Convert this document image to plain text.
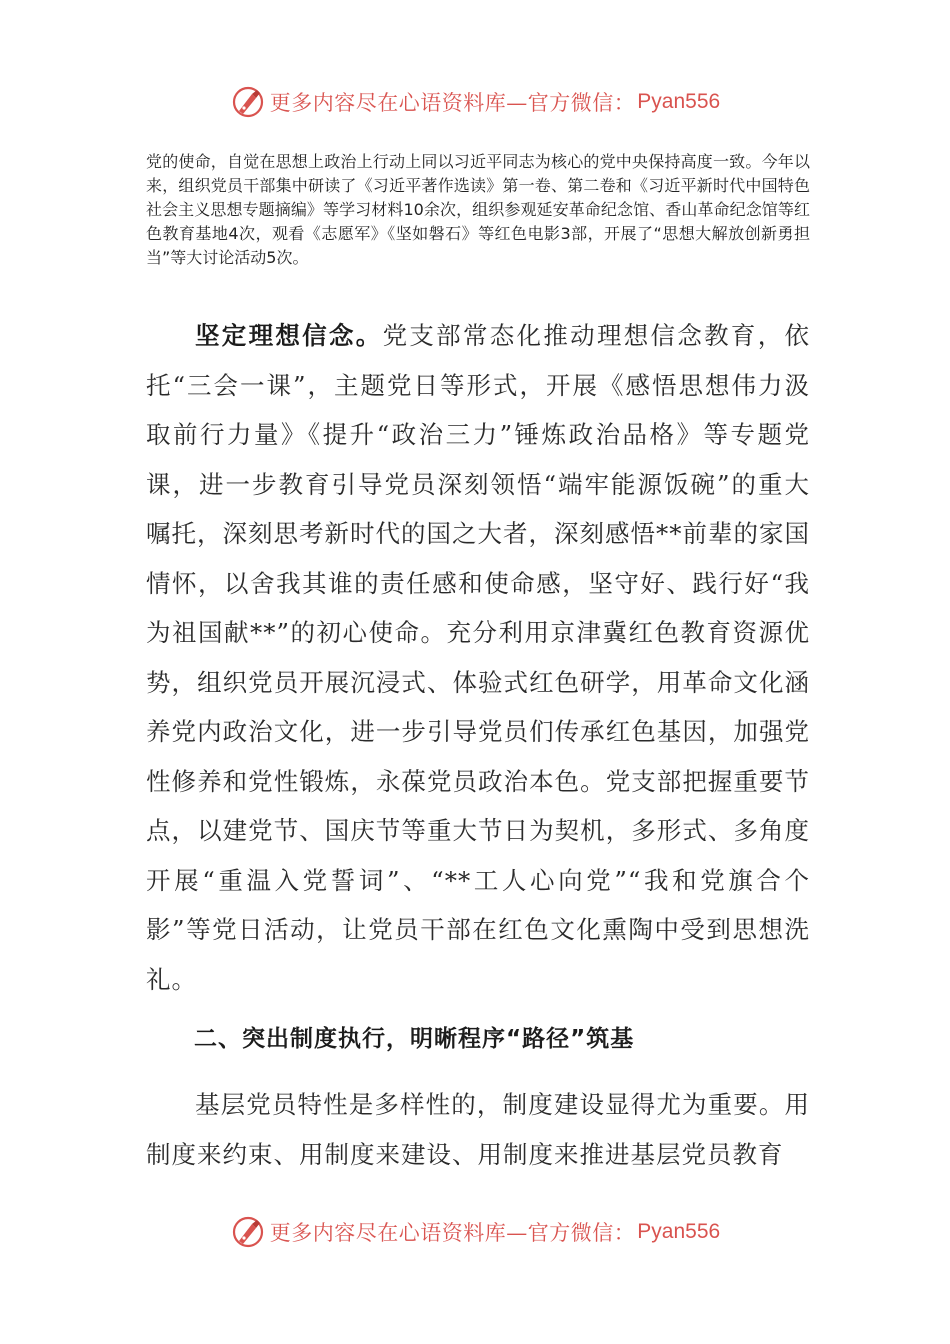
更多内容尽在心语资料库—官方微信： Pyan556

党的使命，自觉在思想上政治上行动上同以习近平同志为核心的党中央保持高度一致。今年以来，组织党员干部集中研读了《习近平著作选读》第一卷、第二卷和《习近平新时代中国特色社会主义思想专题摘编》等学习材料10余次，组织参观延安革命纪念馆、香山革命纪念馆等红色教育基地4次，观看《志愿军》《坚如磐石》等红色电影3部，开展了“思想大解放创新勇担当”等大讨论活动5次。

坚定理想信念。党支部常态化推动理想信念教育，依托“三会一课”，主题党日等形式，开展《感悟思想伟力汲取前行力量》《提升“政治三力”锤炼政治品格》等专题党课，进一步教育引导党员深刻领悟“端牢能源饭碗”的重大嘱托，深刻思考新时代的国之大者，深刻感悟**前辈的家国情怀，以舍我其谁的责任感和使命感，坚守好、践行好“我为祖国献**”的初心使命。充分利用京津冀红色教育资源优势，组织党员开展沉浸式、体验式红色研学，用革命文化涵养党内政治文化，进一步引导党员们传承红色基因，加强党性修养和党性锻炼，永葆党员政治本色。党支部把握重要节点，以建党节、国庆节等重大节日为契机，多形式、多角度开展“重温入党誓词”、“**工人心向党”“我和党旗合个影”等党日活动，让党员干部在红色文化熏陶中受到思想洗礼。

二、突出制度执行，明晰程序“路径”筑基

基层党员特性是多样性的，制度建设显得尤为重要。用制度来约束、用制度来建设、用制度来推进基层党员教育

更多内容尽在心语资料库—官方微信： Pyan556
